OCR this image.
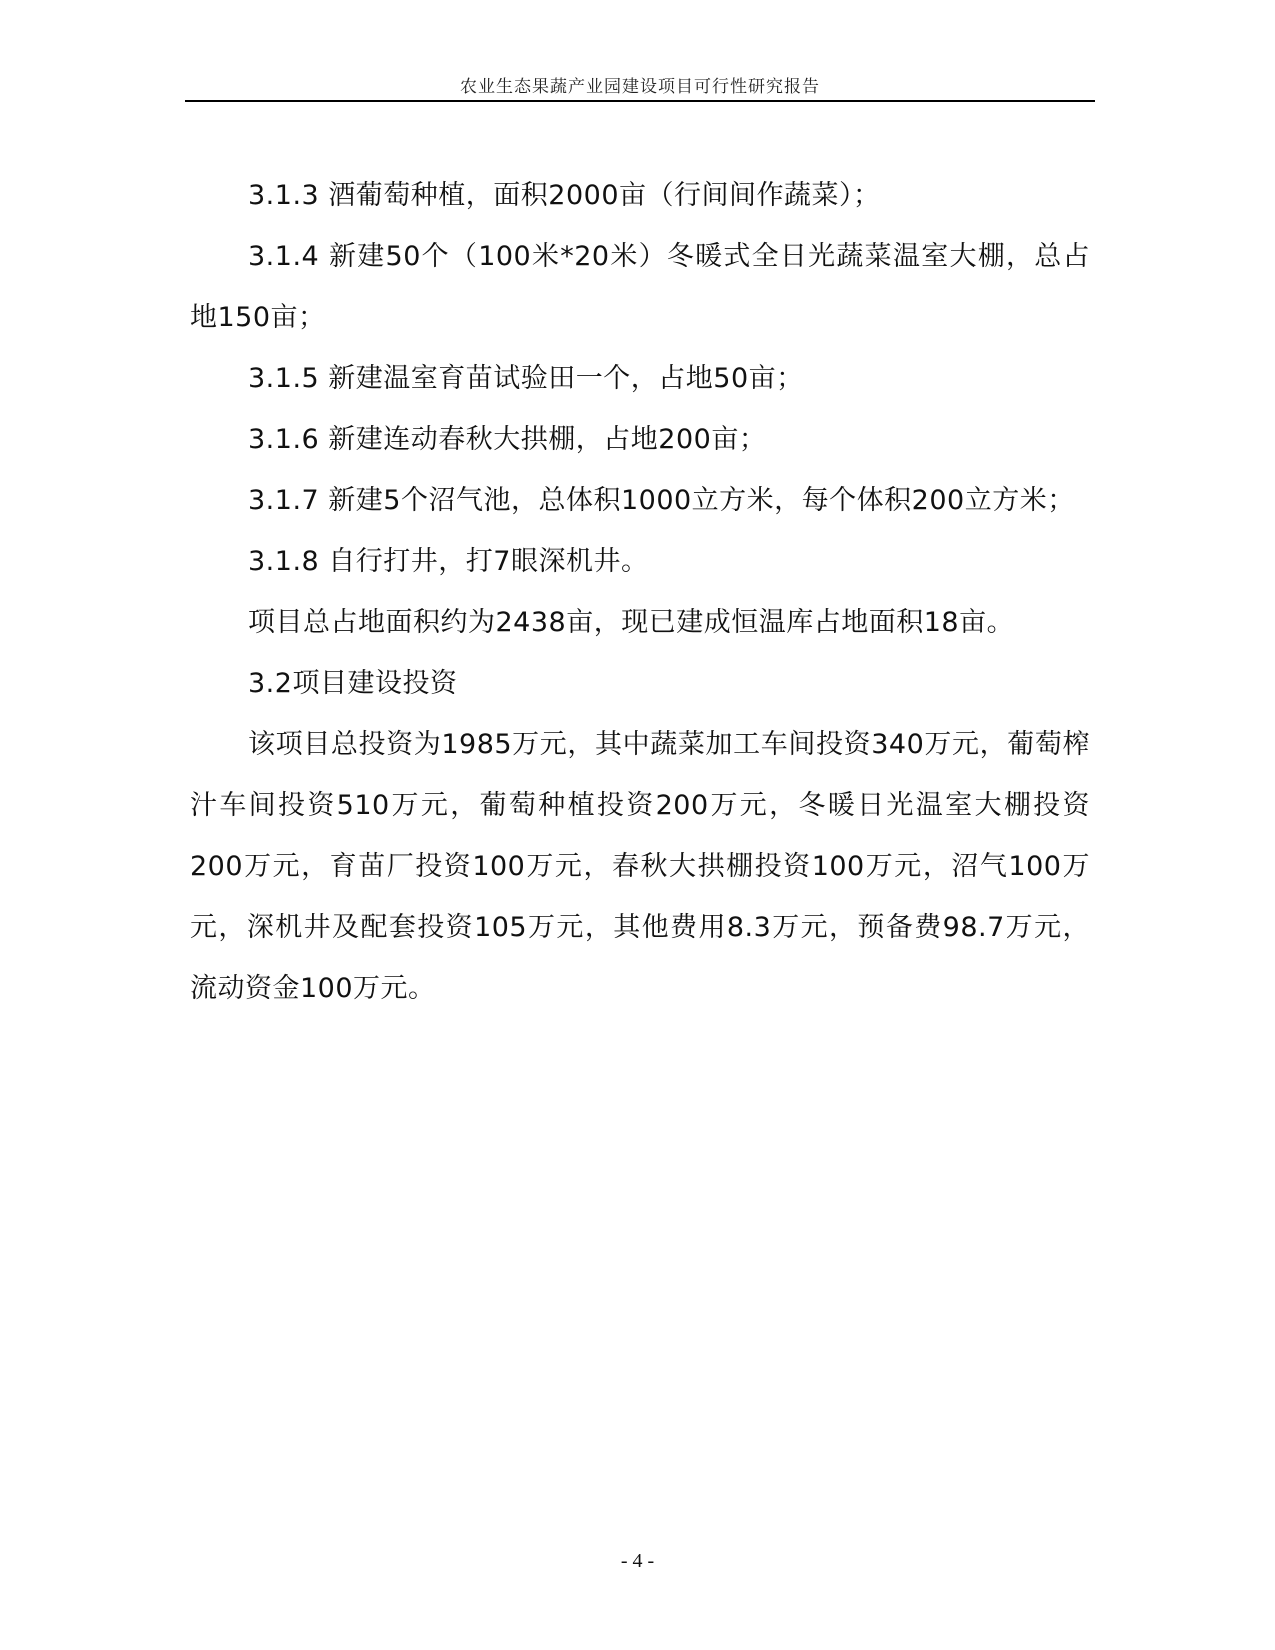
农业生态果蔬产业园建设项目可行性研究报告

3.1.3 酒葡萄种植，面积2000亩（行间间作蔬菜）；

3.1.4 新建50个（100米*20米）冬暖式全日光蔬菜温室大棚，总占地150亩；

3.1.5 新建温室育苗试验田一个，占地50亩；

3.1.6 新建连动春秋大拱棚，占地200亩；

3.1.7 新建5个沼气池，总体积1000立方米，每个体积200立方米；

3.1.8 自行打井，打7眼深机井。

项目总占地面积约为2438亩，现已建成恒温库占地面积18亩。

3.2项目建设投资

该项目总投资为1985万元，其中蔬菜加工车间投资340万元，葡萄榨汁车间投资510万元，葡萄种植投资200万元，冬暖日光温室大棚投资200万元，育苗厂投资100万元，春秋大拱棚投资100万元，沼气100万元，深机井及配套投资105万元，其他费用8.3万元，预备费98.7万元，流动资金100万元。

- 4 -
